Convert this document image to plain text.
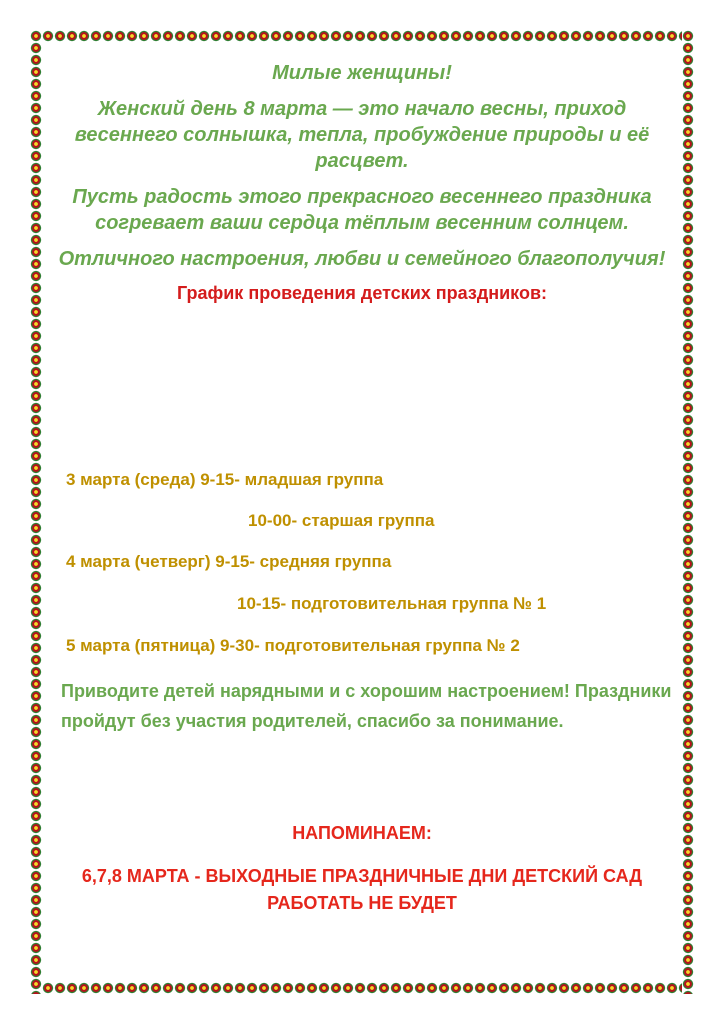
Милые женщины!

Женский день 8 марта — это начало весны, приход весеннего солнышка, тепла, пробуждение природы и её расцвет.

Пусть радость этого прекрасного весеннего праздника согревает ваши сердца тёплым весенним солнцем.

Отличного настроения, любви и семейного благополучия!

График проведения детских праздников:

3 марта (среда) 9-15- младшая группа
10-00- старшая группа
4 марта (четверг) 9-15- средняя группа
10-15- подготовительная группа № 1
5 марта (пятница) 9-30- подготовительная группа № 2

Приводите детей нарядными и с хорошим настроением! Праздники пройдут без участия родителей, спасибо за понимание.

НАПОМИНАЕМ:

6,7,8 МАРТА - ВЫХОДНЫЕ ПРАЗДНИЧНЫЕ ДНИ ДЕТСКИЙ САД РАБОТАТЬ НЕ БУДЕТ
